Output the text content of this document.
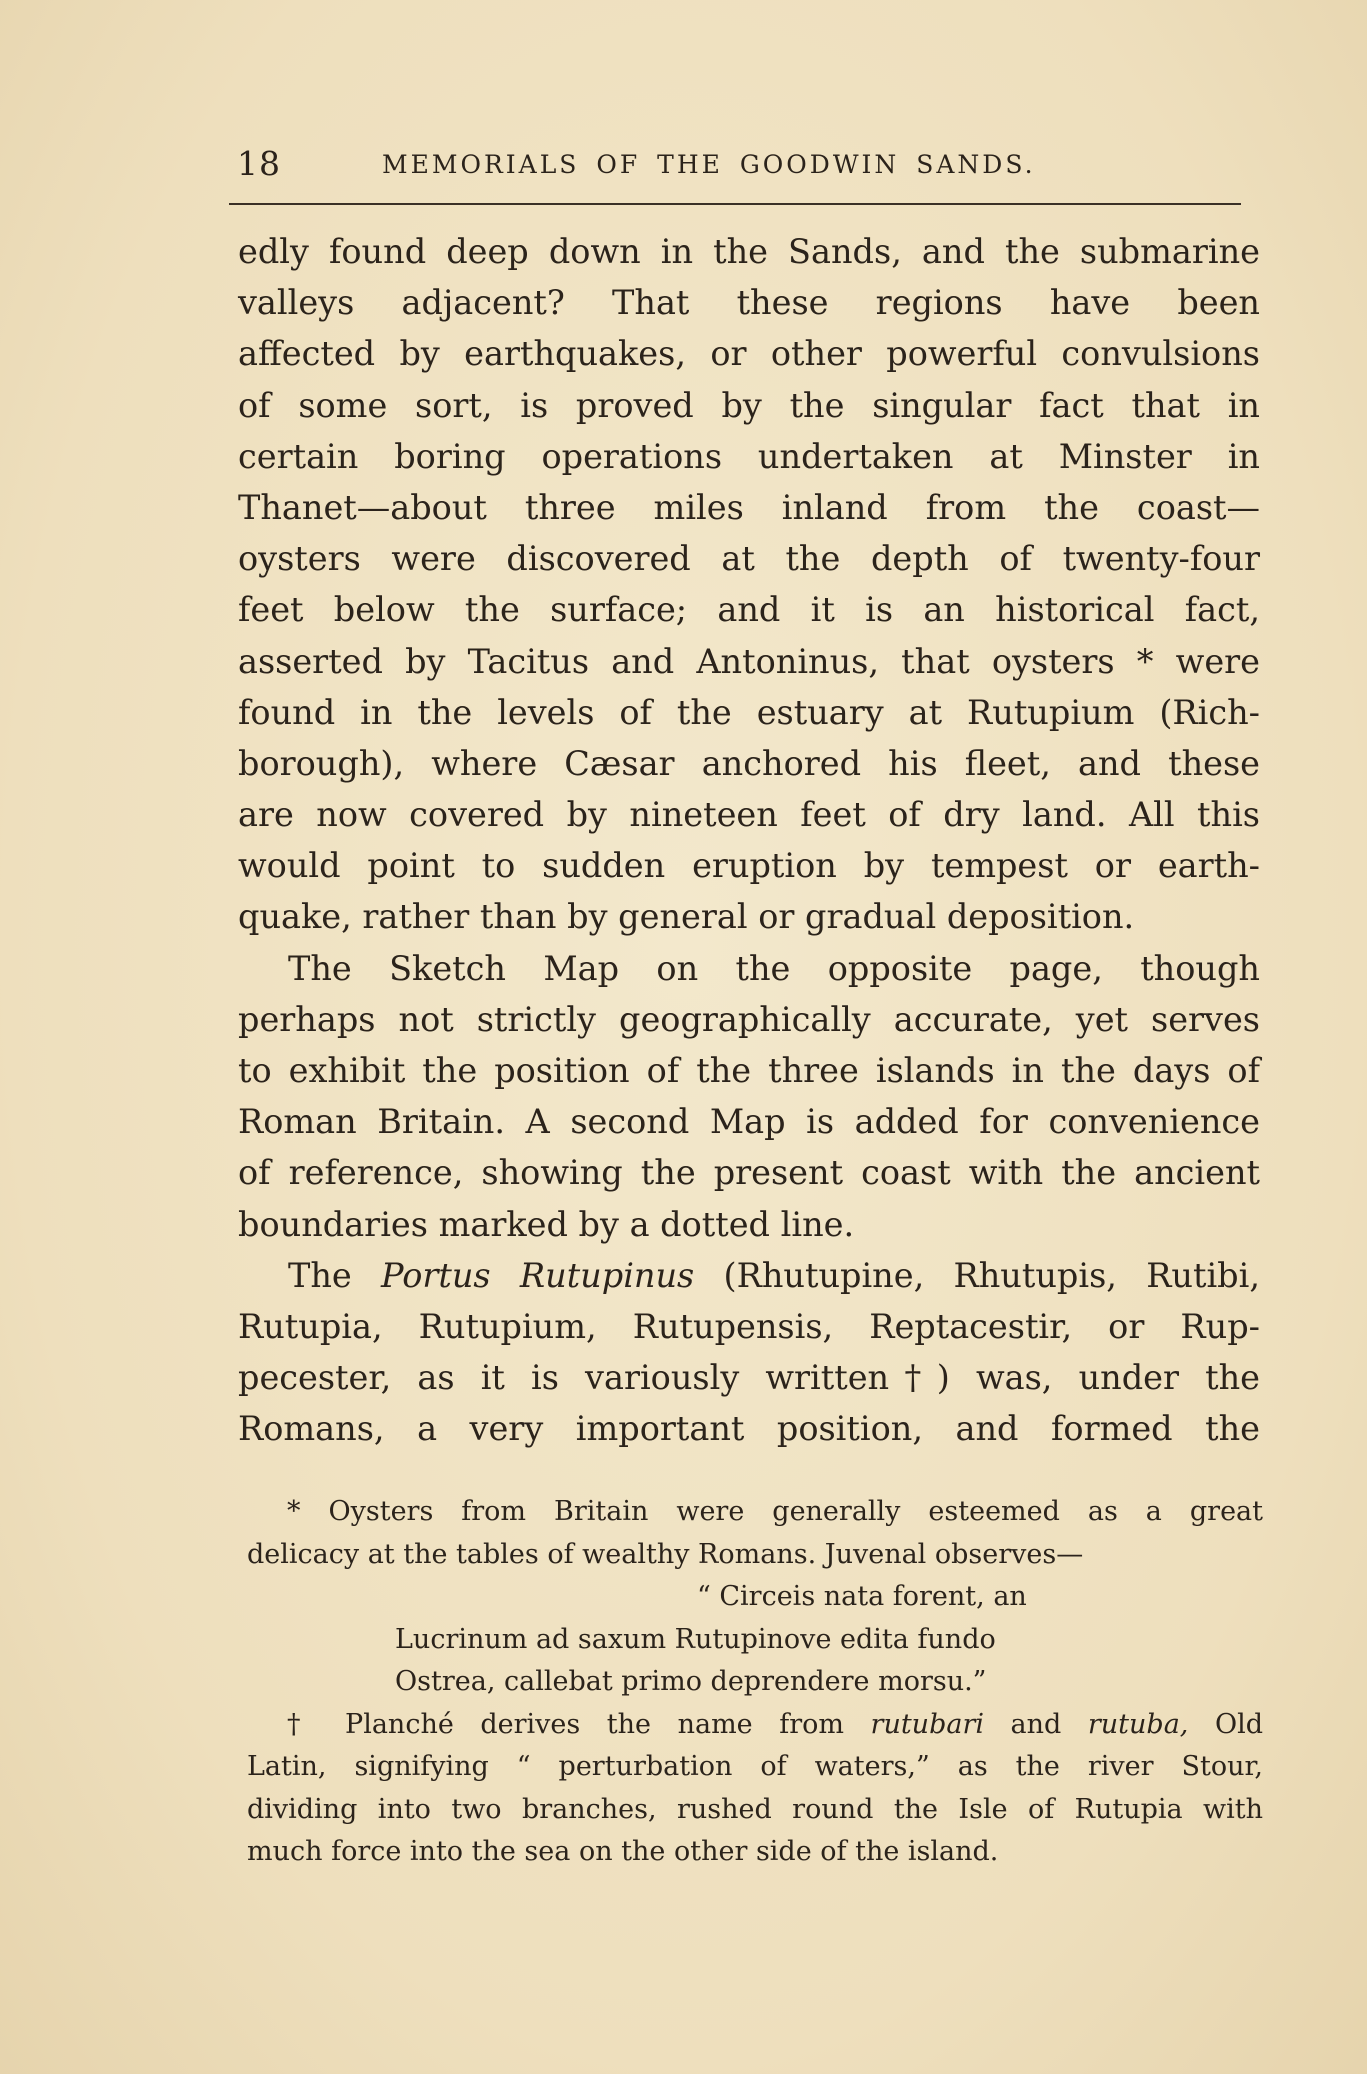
18	MEMORIALS OF THE GOODWIN SANDS.
edly found deep down in the Sands, and the submarine
valleys adjacent? That these regions have been
affected by earthquakes, or other powerful convulsions
of some sort, is proved by the singular fact that in
certain boring operations undertaken at Minster in
Thanet—about three miles inland from the coast—
oysters were discovered at the depth of twenty-four
feet below the surface; and it is an historical fact,
asserted by Tacitus and Antoninus, that oysters * were
found in the levels of the estuary at Rutupium (Rich-
borough), where Cæsar anchored his fleet, and these
are now covered by nineteen feet of dry land. All this
would point to sudden eruption by tempest or earth-
quake, rather than by general or gradual deposition.
The Sketch Map on the opposite page, though
perhaps not strictly geographically accurate, yet serves
to exhibit the position of the three islands in the days of
Roman Britain. A second Map is added for convenience
of reference, showing the present coast with the ancient
boundaries marked by a dotted line.
The Portus Rutupinus (Rhutupine, Rhutupis, Rutibi,
Rutupia, Rutupium, Rutupensis, Reptacestir, or Rup-
pecester, as it is variously written†) was, under the
Romans, a very important position, and formed the
* Oysters from Britain were generally esteemed as a great
delicacy at the tables of wealthy Romans. Juvenal observes—
“ Circeis nata forent, an
Lucrinum ad saxum Rutupinove edita fundo
Ostrea, callebat primo deprendere morsu.”
† Planché derives the name from rutubari and rutuba, Old
Latin, signifying “ perturbation of waters,” as the river Stour,
dividing into two branches, rushed round the Isle of Rutupia with
much force into the sea on the other side of the island.
